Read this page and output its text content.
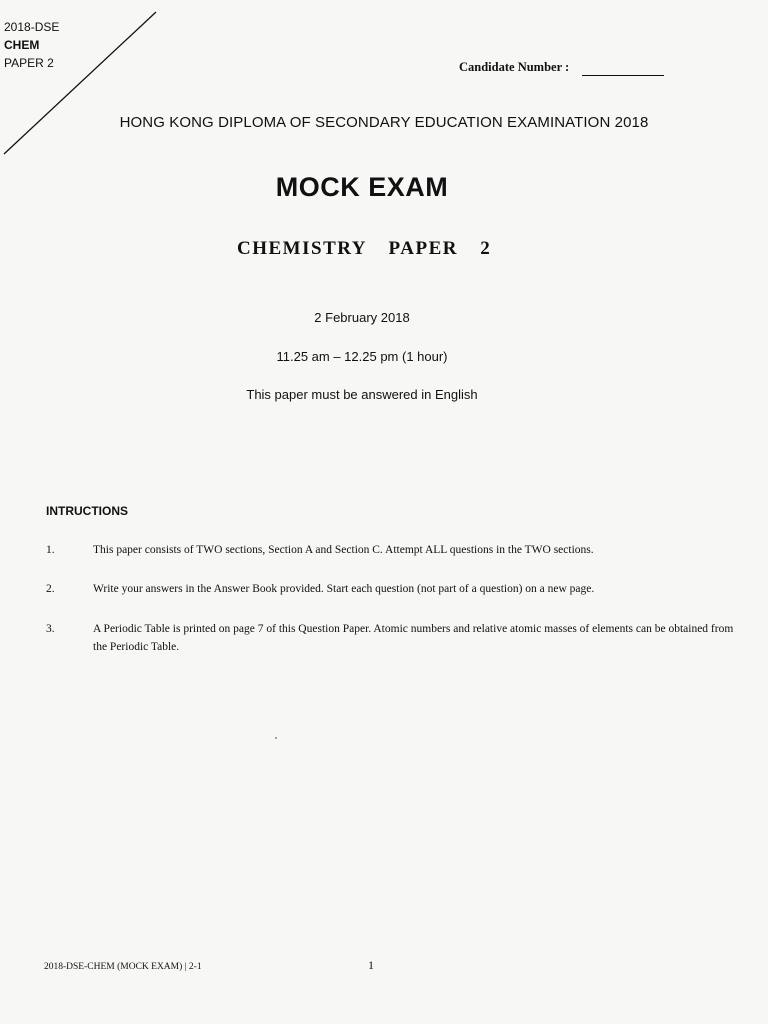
2018-DSE
CHEM
PAPER 2	Candidate Number :
HONG KONG DIPLOMA OF SECONDARY EDUCATION EXAMINATION 2018
MOCK EXAM
CHEMISTRY PAPER 2
2 February 2018
11.25 am – 12.25 pm (1 hour)
This paper must be answered in English
INTRUCTIONS
1.	This paper consists of TWO sections, Section A and Section C. Attempt ALL questions in the TWO sections.
2.	Write your answers in the Answer Book provided. Start each question (not part of a question) on a new page.
3.	A Periodic Table is printed on page 7 of this Question Paper. Atomic numbers and relative atomic masses of elements can be obtained from the Periodic Table.
2018-DSE-CHEM (MOCK EXAM) | 2-1	1
